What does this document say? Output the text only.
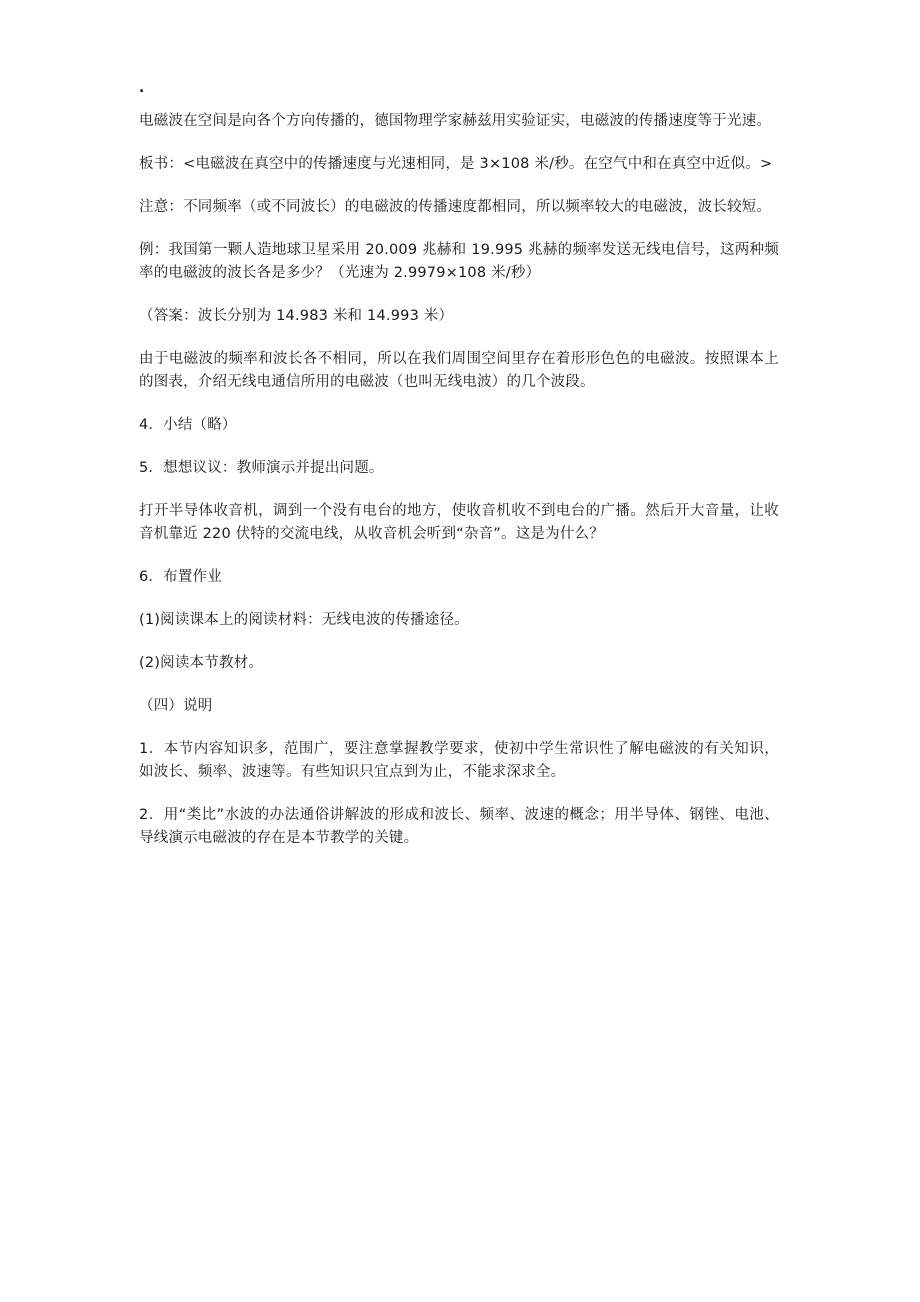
.

电磁波在空间是向各个方向传播的，德国物理学家赫兹用实验证实，电磁波的传播速度等于光速。

板书：<电磁波在真空中的传播速度与光速相同，是 3×108 米/秒。在空气中和在真空中近似。>

注意：不同频率（或不同波长）的电磁波的传播速度都相同，所以频率较大的电磁波，波长较短。

例：我国第一颗人造地球卫星采用 20.009 兆赫和 19.995 兆赫的频率发送无线电信号，这两种频率的电磁波的波长各是多少？（光速为 2.9979×108 米/秒）

（答案：波长分别为 14.983 米和 14.993 米）

由于电磁波的频率和波长各不相同，所以在我们周围空间里存在着形形色色的电磁波。按照课本上的图表，介绍无线电通信所用的电磁波（也叫无线电波）的几个波段。

4．小结（略）

5．想想议议：教师演示并提出问题。

打开半导体收音机，调到一个没有电台的地方，使收音机收不到电台的广播。然后开大音量，让收音机靠近 220 伏特的交流电线，从收音机会听到“杂音”。这是为什么？

6．布置作业

(1)阅读课本上的阅读材料：无线电波的传播途径。

(2)阅读本节教材。

（四）说明

1．本节内容知识多，范围广，要注意掌握教学要求，使初中学生常识性了解电磁波的有关知识，如波长、频率、波速等。有些知识只宜点到为止，不能求深求全。

2．用“类比”水波的办法通俗讲解波的形成和波长、频率、波速的概念；用半导体、钢锉、电池、导线演示电磁波的存在是本节教学的关键。
